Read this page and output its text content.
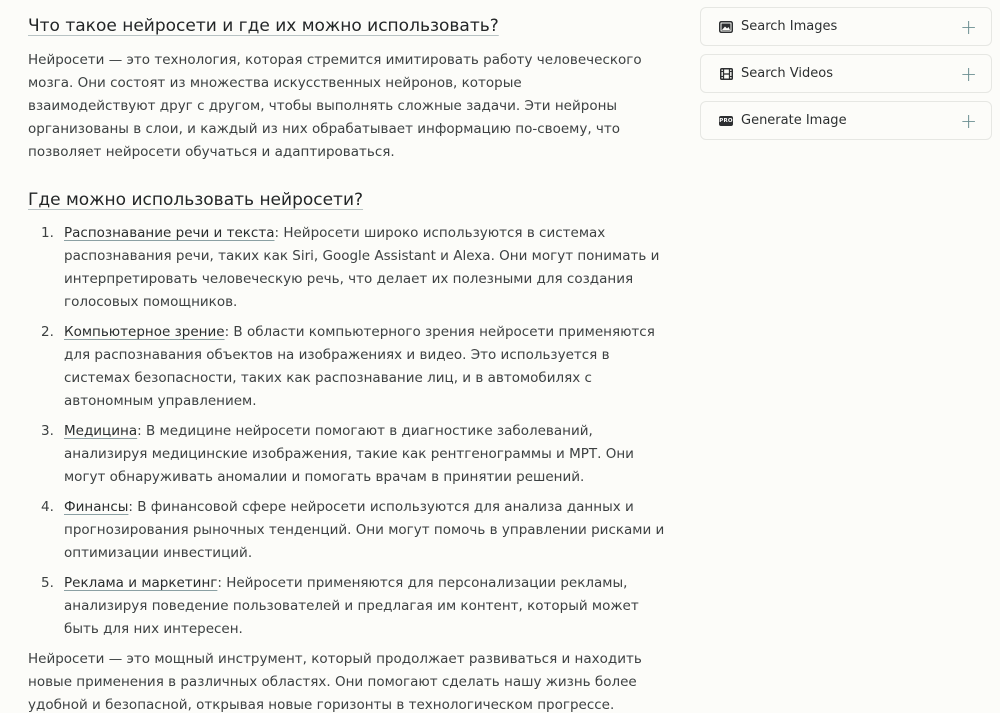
Что такое нейросети и где их можно использовать?

Нейросети — это технология, которая стремится имитировать работу человеческого мозга. Они состоят из множества искусственных нейронов, которые взаимодействуют друг с другом, чтобы выполнять сложные задачи. Эти нейроны организованы в слои, и каждый из них обрабатывает информацию по-своему, что позволяет нейросети обучаться и адаптироваться.

Где можно использовать нейросети?
1. Распознавание речи и текста: Нейросети широко используются в системах распознавания речи, таких как Siri, Google Assistant и Alexa. Они могут понимать и интерпретировать человеческую речь, что делает их полезными для создания голосовых помощников.
2. Компьютерное зрение: В области компьютерного зрения нейросети применяются для распознавания объектов на изображениях и видео. Это используется в системах безопасности, таких как распознавание лиц, и в автомобилях с автономным управлением.
3. Медицина: В медицине нейросети помогают в диагностике заболеваний, анализируя медицинские изображения, такие как рентгенограммы и МРТ. Они могут обнаруживать аномалии и помогать врачам в принятии решений.
4. Финансы: В финансовой сфере нейросети используются для анализа данных и прогнозирования рыночных тенденций. Они могут помочь в управлении рисками и оптимизации инвестиций.
5. Реклама и маркетинг: Нейросети применяются для персонализации рекламы, анализируя поведение пользователей и предлагая им контент, который может быть для них интересен.

Нейросети — это мощный инструмент, который продолжает развиваться и находить новые применения в различных областях. Они помогают сделать нашу жизнь более удобной и безопасной, открывая новые горизонты в технологическом прогрессе.

Search Images	+
Search Videos	+
PRO Generate Image	+
